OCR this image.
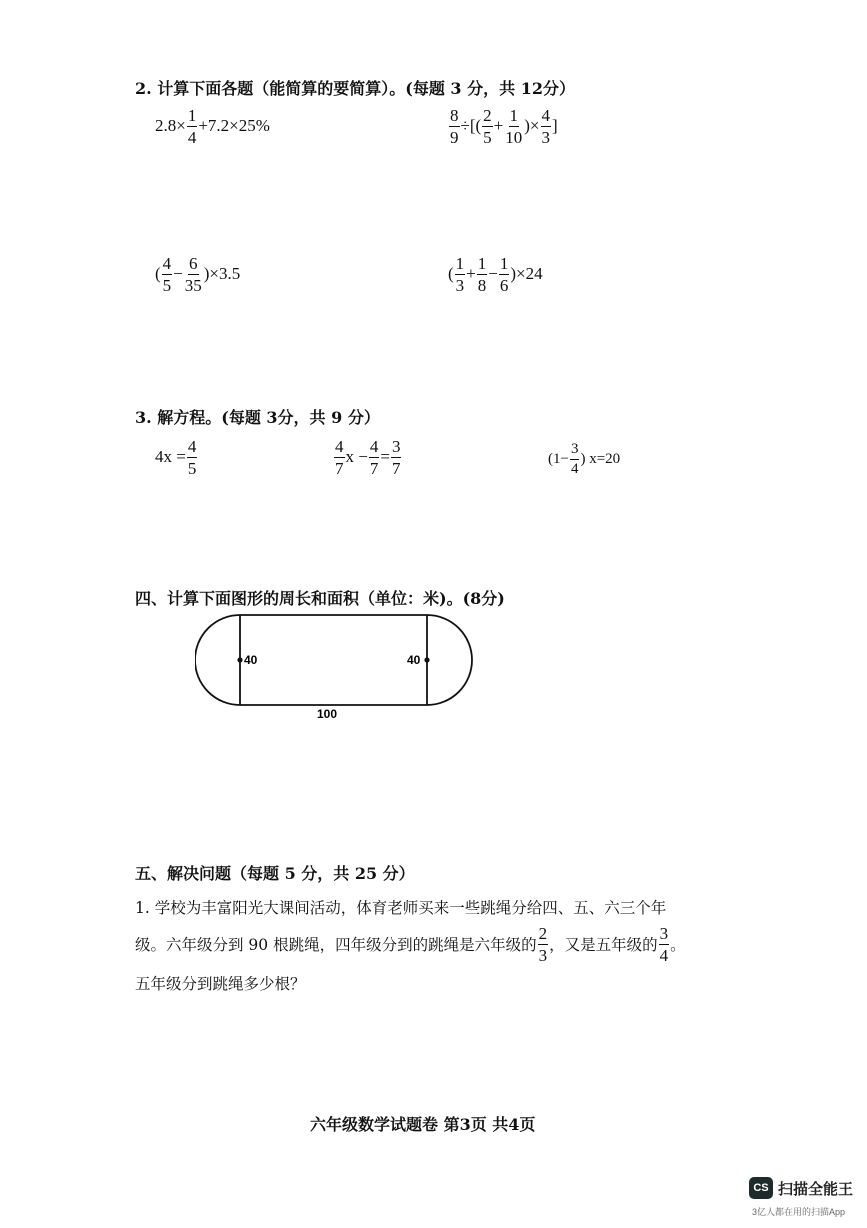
2. 计算下面各题（能简算的要简算）。(每题 3 分，共 12分）
$2.8\times \frac{1}{4} +7.2\times 25\%$	$\frac{8}{9}$ ÷[( $\frac{2}{5} + \frac{1}{10}$ )× $\frac{4}{3}$ ]
( $\frac{4}{5} - \frac{6}{35} )\times 3.5$	( $\frac{1}{3} + \frac{1}{8} - \frac{1}{6} )\times 24$
3. 解方程。(每题 3分，共 9 分）
$4x = \frac{4}{5}$	$\frac{4}{7}$ $x - \frac{4}{7} = \frac{3}{7}$	($1- \frac{3}{4}$ ) x=20
四、计算下面图形的周长和面积（单位：米)。(8分)
40	40
100
五、解决问题（每题 5 分，共 25 分）
1. 学校为丰富阳光大课间活动，体育老师买来一些跳绳分给四、五、六三个年
级。六年级分到 90 根跳绳，四年级分到的跳绳是六年级的 $\frac{2}{3}$ ，又是五年级的 $\frac{3}{4}$ 。
五年级分到跳绳多少根？
六年级数学试题卷 第3页 共4页
CS 扫描全能王
3亿人都在用的扫描App
